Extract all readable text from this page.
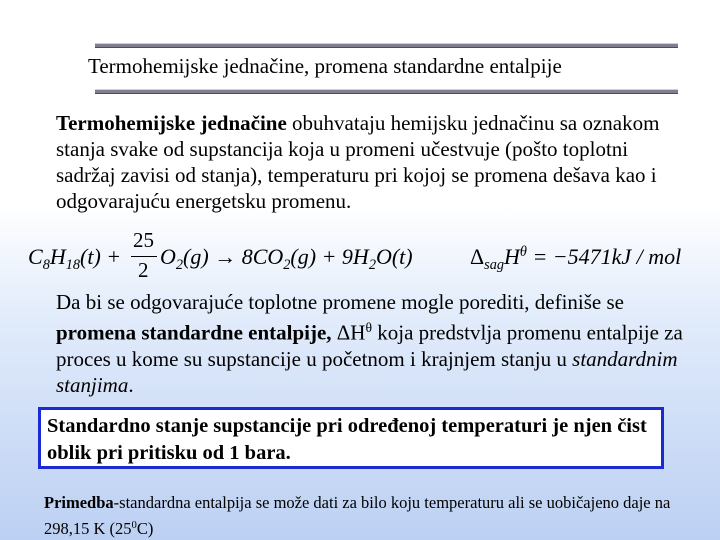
Termohemijske jednačine, promena standardne entalpije
Termohemijske jednačine obuhvataju hemijsku jednačinu sa oznakom stanja svake od supstancija koja u promeni učestvuje (pošto toplotni sadržaj zavisi od stanja), temperaturu pri kojoj se promena dešava kao i odgovarajuću energetsku promenu.
$C_8H_{18}(t)$ +
25
2
$O_2(g) \to 8CO_2(g) + 9H_2O(t)$	$\Delta_{sag}H^\theta = -5471kJ$ / mol
Da bi se odgovarajuće toplotne promene mogle porediti, definiše se promena standardne entalpije, $\Delta H^\theta$ koja predstvlja promenu entalpije za proces u kome su supstancije u početnom i krajnjem stanju u standardnim stanjima.
Standardno stanje supstancije pri određenoj temperaturi je njen čist oblik pri pritisku od 1 bara.
Primedba-standardna entalpija se može dati za bilo koju temperaturu ali se uobičajeno daje na 298,15 K $(25^0C)$
